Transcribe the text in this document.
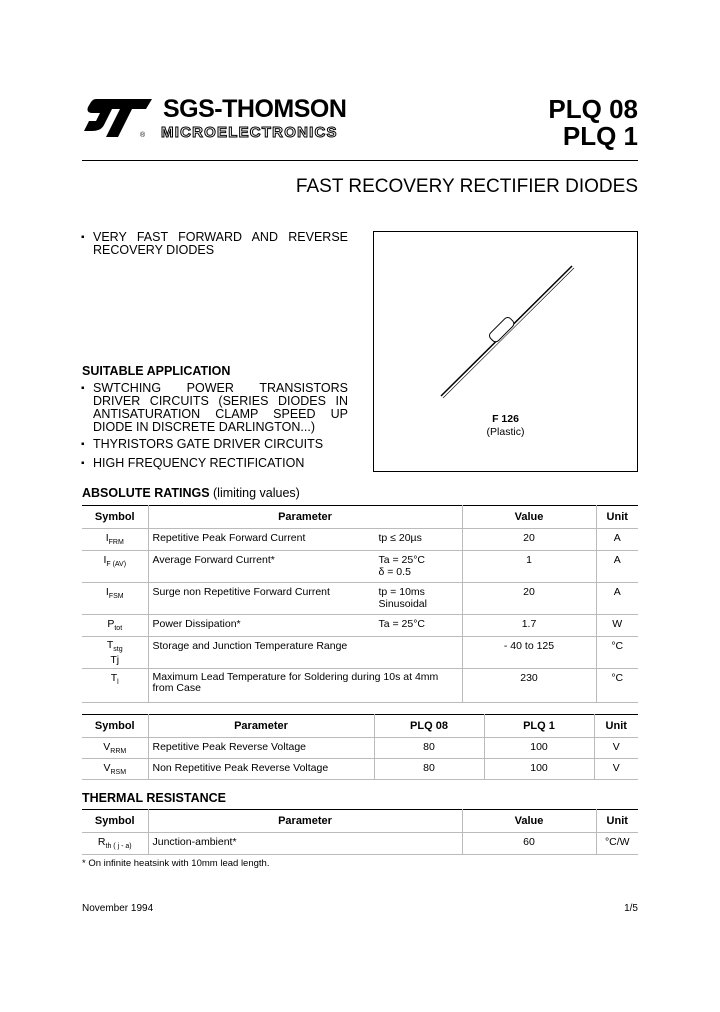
®
SGS-THOMSON
MICROELECTRONICS
PLQ 08
PLQ 1
FAST RECOVERY RECTIFIER DIODES
▪ VERY FAST FORWARD AND REVERSE RECOVERY DIODES
SUITABLE APPLICATION
▪ SWTCHING POWER TRANSISTORS DRIVER CIRCUITS (SERIES DIODES IN ANTISATURATION CLAMP SPEED UP DIODE IN DISCRETE DARLINGTON...)
▪ THYRISTORS GATE DRIVER CIRCUITS
▪ HIGH FREQUENCY RECTIFICATION
F 126
(Plastic)
ABSOLUTE RATINGS (limiting values)
Symbol	Parameter	Value	Unit
$I_{FRM}$	Repetitive Peak Forward Current tp ≤ 20µs	20	A
$I_{F (AV)}$	Average Forward Current* Ta = 25°C
δ = 0.5	1	A
$I_{FSM}$	Surge non Repetitive Forward Current tp = 10ms
Sinusoidal	20	A
$P_{tot}$	Power Dissipation* Ta = 25°C	1.7	W
$T_{stg}$
Tj	Storage and Junction Temperature Range	- 40 to 125	°C
$T_l$	Maximum Lead Temperature for Soldering during 10s at 4mm from Case	230	°C
Symbol	Parameter	PLQ 08	PLQ 1	Unit
$V_{RRM}$	Repetitive Peak Reverse Voltage	80	100	V
$V_{RSM}$	Non Repetitive Peak Reverse Voltage	80	100	V
THERMAL RESISTANCE
Symbol	Parameter	Value	Unit
$R_{th ( j - a)}$	Junction-ambient*	60	°C/W
* On infinite heatsink with 10mm lead length.
November 1994	1/5
